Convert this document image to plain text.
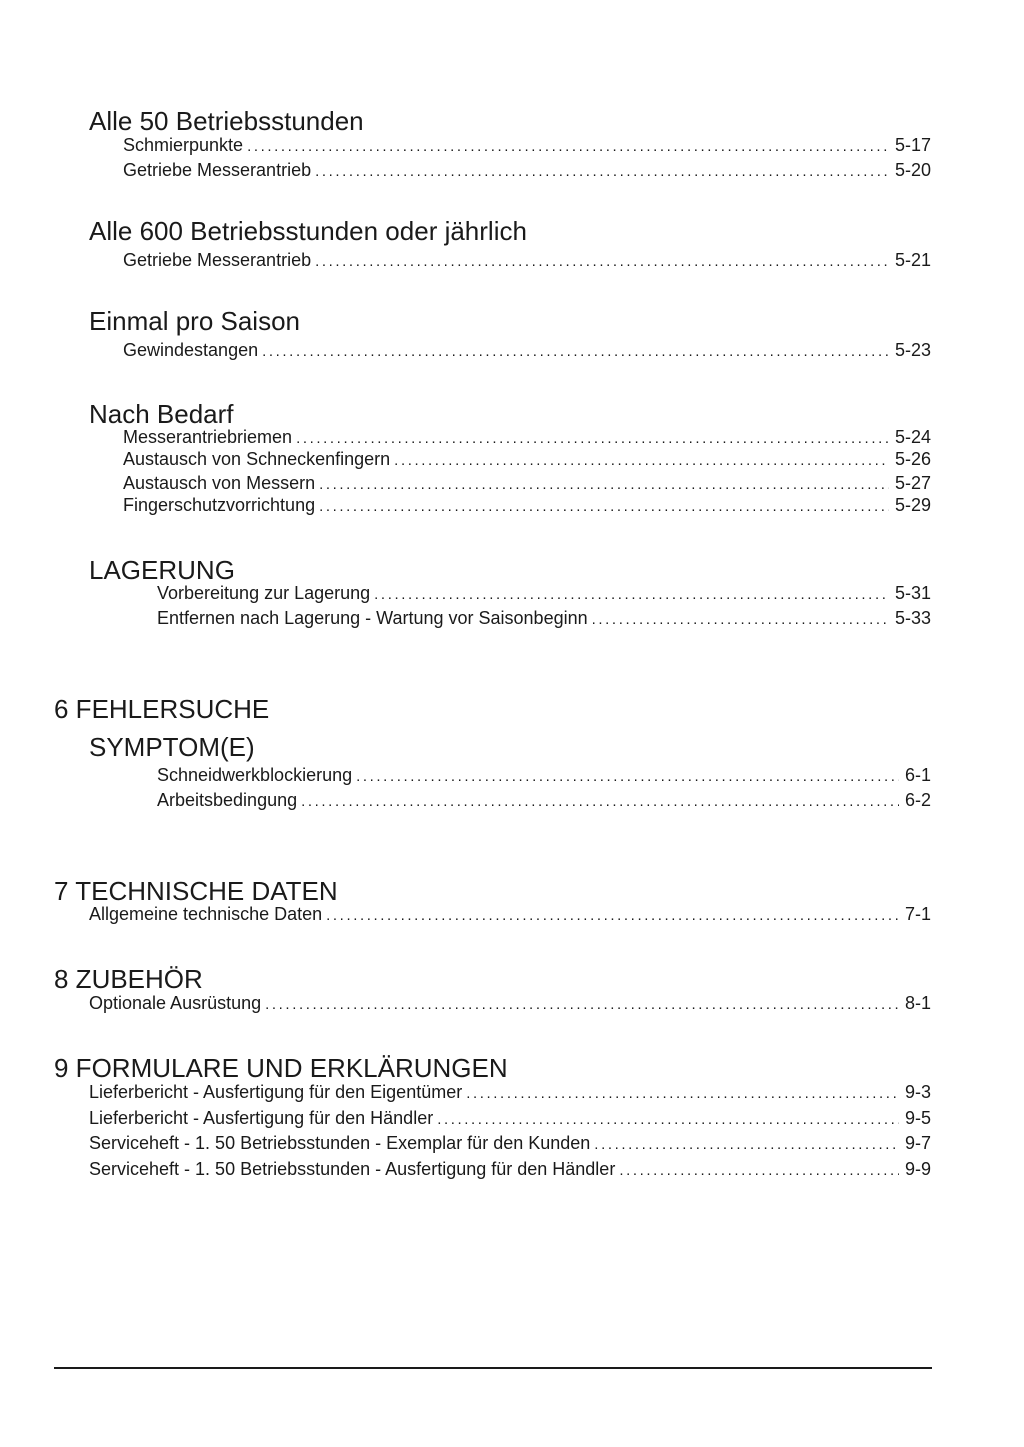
Alle 50 Betriebsstunden
Schmierpunkte .....	5-17
Getriebe Messerantrieb .....	5-20
Alle 600 Betriebsstunden oder jährlich
Getriebe Messerantrieb .....	5-21
Einmal pro Saison
Gewindestangen .....	5-23
Nach Bedarf
Messerantriebriemen .....	5-24
Austausch von Schneckenfingern .....	5-26
Austausch von Messern .....	5-27
Fingerschutzvorrichtung .....	5-29
LAGERUNG
Vorbereitung zur Lagerung .....	5-31
Entfernen nach Lagerung - Wartung vor Saisonbeginn .....	5-33
6 FEHLERSUCHE
SYMPTOM(E)
Schneidwerkblockierung .....	6-1
Arbeitsbedingung .....	6-2
7 TECHNISCHE DATEN
Allgemeine technische Daten .....	7-1
8 ZUBEHÖR
Optionale Ausrüstung .....	8-1
9 FORMULARE UND ERKLÄRUNGEN
Lieferbericht - Ausfertigung für den Eigentümer .....	9-3
Lieferbericht - Ausfertigung für den Händler .....	9-5
Serviceheft - 1. 50 Betriebsstunden - Exemplar für den Kunden .....	9-7
Serviceheft - 1. 50 Betriebsstunden - Ausfertigung für den Händler .....	9-9
